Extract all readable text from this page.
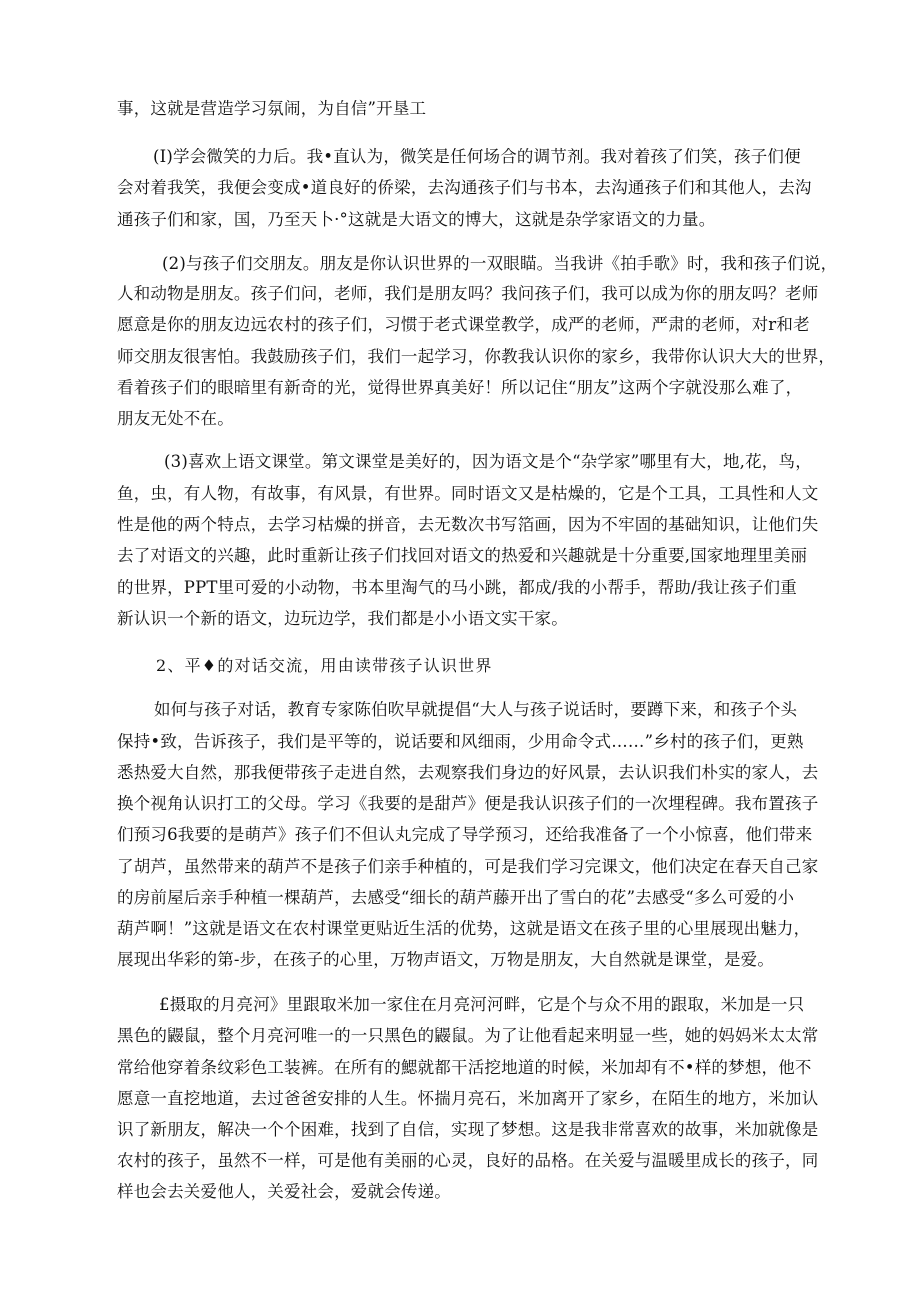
事，这就是营造学习氛闹，为自信”开垦工
(I)学会微笑的力后。我•直认为，微笑是任何场合的调节剂。我对着孩了们笑，孩子们便
会对着我笑，我便会变成•道良好的侨梁，去沟通孩子们与书本，去沟通孩子们和其他人，去沟
通孩子们和家，国，乃至天卜·°这就是大语文的博大，这就是杂学家语文的力量。
(2)与孩子们交朋友。朋友是你认识世界的一双眼瞄。当我讲《拍手歌》时，我和孩子们说，
人和动物是朋友。孩子们问，老师，我们是朋友吗？我问孩子们，我可以成为你的朋友吗？老师
愿意是你的朋友边远农村的孩子们，习惯于老式课堂教学，成严的老师，严肃的老师，对r和老
师交朋友很害怕。我鼓励孩子们，我们一起学习，你教我认识你的家乡，我带你认识大大的世界，
看着孩子们的眼暗里有新奇的光，觉得世界真美好！所以记住“朋友”这两个字就没那么难了，
朋友无处不在。
(3)喜欢上语文课堂。第文课堂是美好的，因为语文是个“杂学家”哪里有大，地,花，鸟，
鱼，虫，有人物，有故事，有风景，有世界。同时语文又是枯燥的，它是个工具，工具性和人文
性是他的两个特点，去学习枯燥的拼音，去无数次书写箔画，因为不牢固的基础知识，让他们失
去了对语文的兴趣，此时重新让孩子们找回对语文的热爱和兴趣就是十分重要,国家地理里美丽
的世界，PPT里可爱的小动物，书本里淘气的马小跳，都成/我的小帮手，帮助/我让孩子们重
新认识一个新的语文，边玩边学，我们都是小小语文实干家。
2、平♦的对话交流，用由读带孩子认识世界
如何与孩子对话，教育专家陈伯吹早就提倡“大人与孩子说话时，要蹲下来，和孩子个头
保持•致，告诉孩子，我们是平等的，说话要和风细雨，少用命令式……”乡村的孩子们，更熟
悉热爱大自然，那我便带孩子走进自然，去观察我们身边的好风景，去认识我们朴实的家人，去
换个视角认识打工的父母。学习《我要的是甜芦》便是我认识孩子们的一次埋程碑。我布置孩子
们预习6我要的是萌芦》孩子们不但认丸完成了导学预习，还给我准备了一个小惊喜，他们带来
了胡芦，虽然带来的葫芦不是孩子们亲手种植的，可是我们学习完课文，他们决定在春天自己家
的房前屋后亲手种植一棵葫芦，去感受“细长的葫芦藤开出了雪白的花”去感受“多么可爱的小
葫芦啊！”这就是语文在农村课堂更贴近生活的优势，这就是语文在孩子里的心里展现出魅力，
展现出华彩的第-步，在孩子的心里，万物声语文，万物是朋友，大自然就是课堂，是爱。
£摄取的月亮河》里跟取米加一家住在月亮河河畔，它是个与众不用的跟取，米加是一只
黑色的鼹鼠，整个月亮河唯一的一只黑色的鼹鼠。为了让他看起来明显一些，她的妈妈米太太常
常给他穿着条纹彩色工装裤。在所有的鰓就都干活挖地道的时候，米加却有不•样的梦想，他不
愿意一直挖地道，去过爸爸安排的人生。怀揣月亮石，米加离开了家乡，在陌生的地方，米加认
识了新朋友，解决一个个困难，找到了自信，实现了梦想。这是我非常喜欢的故事，米加就像是
农村的孩子，虽然不一样，可是他有美丽的心灵，良好的品格。在关爱与温暖里成长的孩子，同
样也会去关爱他人，关爱社会，爱就会传递。
